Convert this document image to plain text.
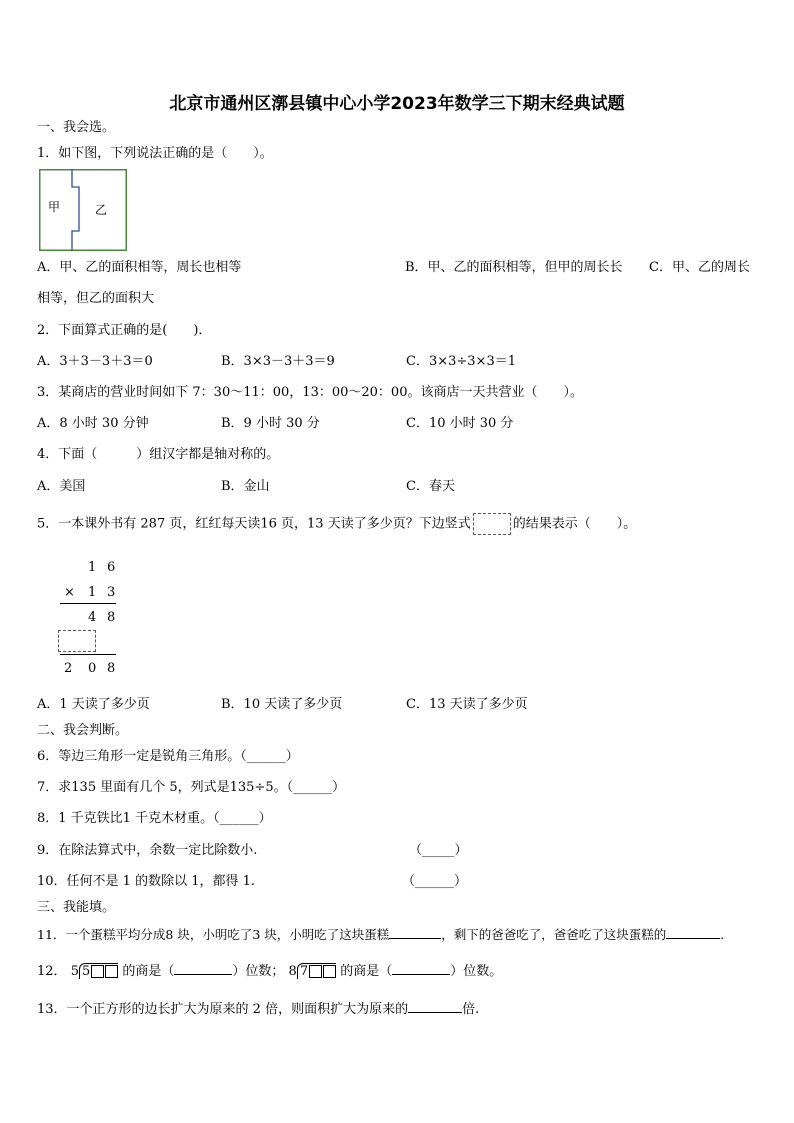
北京市通州区漷县镇中心小学2023年数学三下期末经典试题
一、我会选。
1．如下图，下列说法正确的是（　　）。
甲	乙
A．甲、乙的面积相等，周长也相等	B．甲、乙的面积相等，但甲的周长长 C．甲、乙的周长
相等，但乙的面积大
2．下面算式正确的是(　　)．
A．3＋3－3＋3＝0	B．3×3－3＋3＝9	C．3×3÷3×3＝1
3．某商店的营业时间如下 7：30～11：00，13：00～20：00。该商店一天共营业（　　）。
A．8 小时 30 分钟	B．9 小时 30 分	C．10 小时 30 分
4．下面（　　　）组汉字都是轴对称的。
A．美国	B．金山	C．春天
5．一本课外书有 287 页，红红每天读16 页，13 天读了多少页？下边竖式	的结果表示（　　）。
1 6
× 1 3
4 8
2 0 8
A．1 天读了多少页	B．10 天读了多少页	C．13 天读了多少页
二、我会判断。
6．等边三角形一定是锐角三角形。（______）
7．求135 里面有几个 5，列式是135÷5。（______）
8．1 千克铁比1 千克木材重。（______）
9．在除法算式中，余数一定比除数小.	（_____）
10．任何不是 1 的数除以 1，都得 1.	（______）
三、我能填。
11．一个蛋糕平均分成8 块，小明吃了3 块，小明吃了这块蛋糕	，剩下的爸爸吃了，爸爸吃了这块蛋糕的	.
12． 5 5 的商是（	）位数； 8 7 的商是（	）位数。
13．一个正方形的边长扩大为原来的 2 倍，则面积扩大为原来的	倍.
